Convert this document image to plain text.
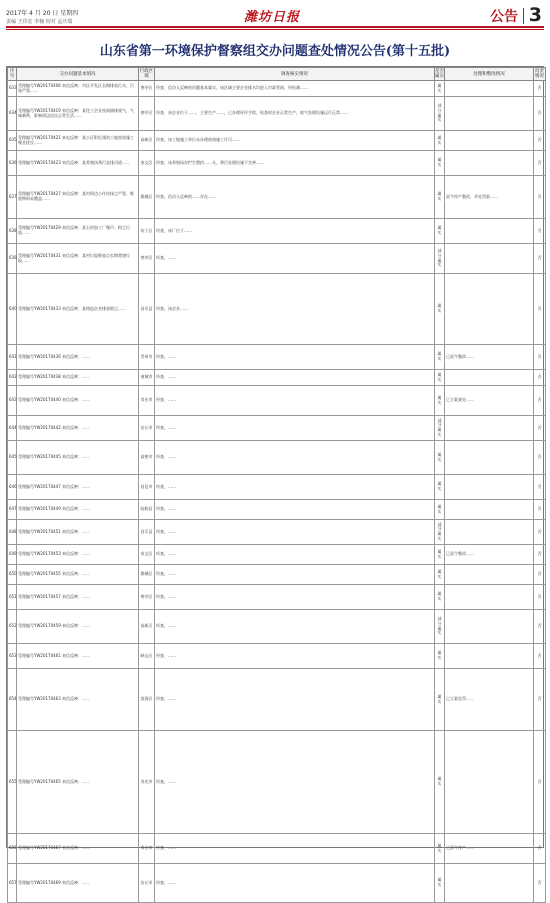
2017年 4 月 20 日 星期四
责编 王伟宏 李楠 校对 孟庆瑞	潍坊日报	公告 3
山东省第一环境保护督察组交办问题查处情况公告(第十五批)
序号	交办问题基本情况	行政区域	调查核实情况	是否属实	处理和整改情况	问责情况

633	受理编号YW20170406 来信反映：市区开发区长期排放污水，污染严重……	寒亭区	经查，信访人反映的问题基本属实。该区域主要企业排水均进入市政管网，经检测……	属实		否

634	受理编号YW20170419 来信反映：某化工企业夜间偷排废气，气味刺鼻，影响周边居民正常生活……	寒亭区	经查，该企业位于……，主要生产……，已办理环评手续。检查时企业正常生产，废气处理设施运行正常……	部分属实		否

635	受理编号YW20170421 来电反映：某小区附近建筑工地夜间施工噪音扰民……	高新区	经查，该工地施工单位未办理夜间施工许可……	属实		否

636	受理编号YW20170423 来信反映：某养殖场粪污直排河道……	奎文区	经查，该养殖场存栏生猪约……头，粪污处理设施不完善……	属实		否

637	受理编号YW20170427 来信反映：某村周边小作坊扬尘严重，堆放物料未覆盖……	潍城区	经查，信访人反映的……存在……	属实	责令停产整改，并处罚款……	否

638	受理编号YW20170429 来信反映：某石材加工厂噪声、粉尘污染……	坊子区	经查，该厂位于……	属实		否

639	受理编号YW20170431 来信反映：某村垃圾堆放点长期焚烧垃圾……	寒亭区	经查，……	部分属实		否

640	受理编号YW20170433 来信反映：某铸造企业排放烟尘……	昌乐县	经查，该企业……	属实		否

641	受理编号YW20170436 来信反映：……	青州市	经查，……	属实	已责令整改……	否

642	受理编号YW20170438 来信反映：……	诸城市	经查，……	属实		否

643	受理编号YW20170440 来信反映：……	寿光市	经查，……	属实	已立案查处……	否

644	受理编号YW20170442 来信反映：……	安丘市	经查，……	部分属实		否

645	受理编号YW20170445 来信反映：……	高密市	经查，……	属实		否

646	受理编号YW20170447 来信反映：……	昌邑市	经查，……	属实		否

647	受理编号YW20170449 来信反映：……	临朐县	经查，……	属实		否

648	受理编号YW20170451 来信反映：……	昌乐县	经查，……	部分属实		否

649	受理编号YW20170453 来信反映：……	奎文区	经查，……	属实	已责令整改……	否

650	受理编号YW20170455 来信反映：……	潍城区	经查，……	属实		否

651	受理编号YW20170457 来信反映：……	寒亭区	经查，……	属实		否

652	受理编号YW20170459 来信反映：……	高新区	经查，……	部分属实		否

653	受理编号YW20170461 来信反映：……	峡山区	经查，……	属实		否

654	受理编号YW20170463 来信反映：……	滨海区	经查，……	属实	已立案处罚……	否

655	受理编号YW20170465 来信反映：……	寿光市	经查，……	属实		否

656	受理编号YW20170467 来信反映：……	寿光市	经查，……	属实	已责令停产……	否

657	受理编号YW20170469 来信反映：……	安丘市	经查，……	属实		否
